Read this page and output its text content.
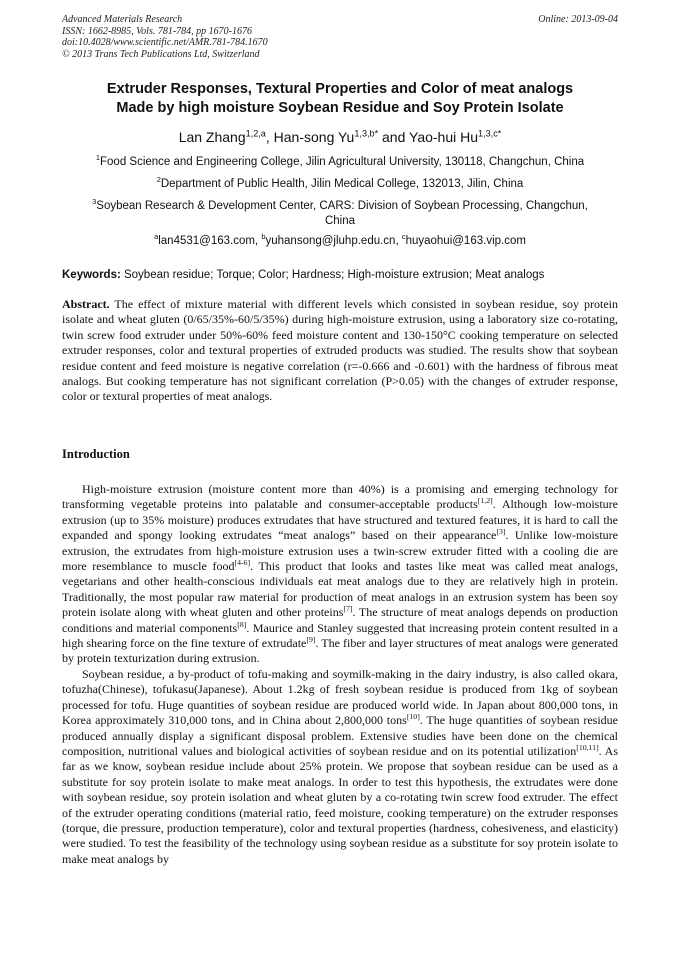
Advanced Materials Research
ISSN: 1662-8985, Vols. 781-784, pp 1670-1676
doi:10.4028/www.scientific.net/AMR.781-784.1670
© 2013 Trans Tech Publications Ltd, Switzerland
Online: 2013-09-04
Extruder Responses, Textural Properties and Color of meat analogs
Made by high moisture Soybean Residue and Soy Protein Isolate
Lan Zhang$^{1,2,a}$, Han-song $Yu^{1,3,b*}$ and Yao-hui $Hu^{1,3,c*}$
$^1$Food Science and Engineering College, Jilin Agricultural University, 130118, Changchun, China
$^2$Department of Public Health, Jilin Medical College, 132013, Jilin, China
$^3$Soybean Research & Development Center, CARS: Division of Soybean Processing, Changchun,
China
$^a$lan4531@163.com, $^b$yuhansong@jluhp.edu.cn, $^c$huyaohui@163.vip.com
Keywords: Soybean residue; Torque; Color; Hardness; High-moisture extrusion; Meat analogs
Abstract. The effect of mixture material with different levels which consisted in soybean residue, soy protein isolate and wheat gluten (0/65/35%-60/5/35%) during high-moisture extrusion, using a laboratory size co-rotating, twin screw food extruder under 50%-60% feed moisture content and 130-150°C cooking temperature on selected extruder responses, color and textural properties of extruded products was studied. The results show that soybean residue content and feed moisture is negative correlation (r=-0.666 and -0.601) with the hardness of fibrous meat analogs. But cooking temperature has not significant correlation (P>0.05) with the changes of extruder response, color or textural properties of meat analogs.
Introduction

High-moisture extrusion (moisture content more than 40%) is a promising and emerging technology for transforming vegetable proteins into palatable and consumer-acceptable products[1,2]. Although low-moisture extrusion (up to 35% moisture) produces extrudates that have structured and textured features, it is hard to call the expanded and spongy looking extrudates “meat analogs” based on their appearance[3]. Unlike low-moisture extrusion, the extrudates from high-moisture extrusion uses a twin-screw extruder fitted with a cooling die are more resemblance to muscle food[4-6]. This product that looks and tastes like meat was called meat analogs, vegetarians and other health-conscious individuals eat meat analogs due to they are relatively high in protein. Traditionally, the most popular raw material for production of meat analogs in an extrusion system has been soy protein isolate along with wheat gluten and other proteins[7]. The structure of meat analogs depends on production conditions and material components[8]. Maurice and Stanley suggested that increasing protein content resulted in a high shearing force on the fine texture of extrudate[9]. The fiber and layer structures of meat analogs were generated by protein texturization during extrusion.

Soybean residue, a by-product of tofu-making and soymilk-making in the dairy industry, is also called okara, tofuzha(Chinese), tofukasu(Japanese). About 1.2kg of fresh soybean residue is produced from 1kg of soybean processed for tofu. Huge quantities of soybean residue are produced world wide. In Japan about 800,000 tons, in Korea approximately 310,000 tons, and in China about 2,800,000 tons[10]. The huge quantities of soybean residue produced annually display a significant disposal problem. Extensive studies have been done on the chemical composition, nutritional values and biological activities of soybean residue and on its potential utilization[10,11]. As far as we know, soybean residue include about 25% protein. We propose that soybean residue can be used as a substitute for soy protein isolate to make meat analogs. In order to test this hypothesis, the extrudates were done with soybean residue, soy protein isolation and wheat gluten by a co-rotating twin screw food extruder. The effect of the extruder operating conditions (material ratio, feed moisture, cooking temperature) on the extruder responses (torque, die pressure, production temperature), color and textural properties (hardness, cohesiveness, and elasticity) were studied. To test the feasibility of the technology using soybean residue as a substitute for soy protein isolate to make meat analogs by
